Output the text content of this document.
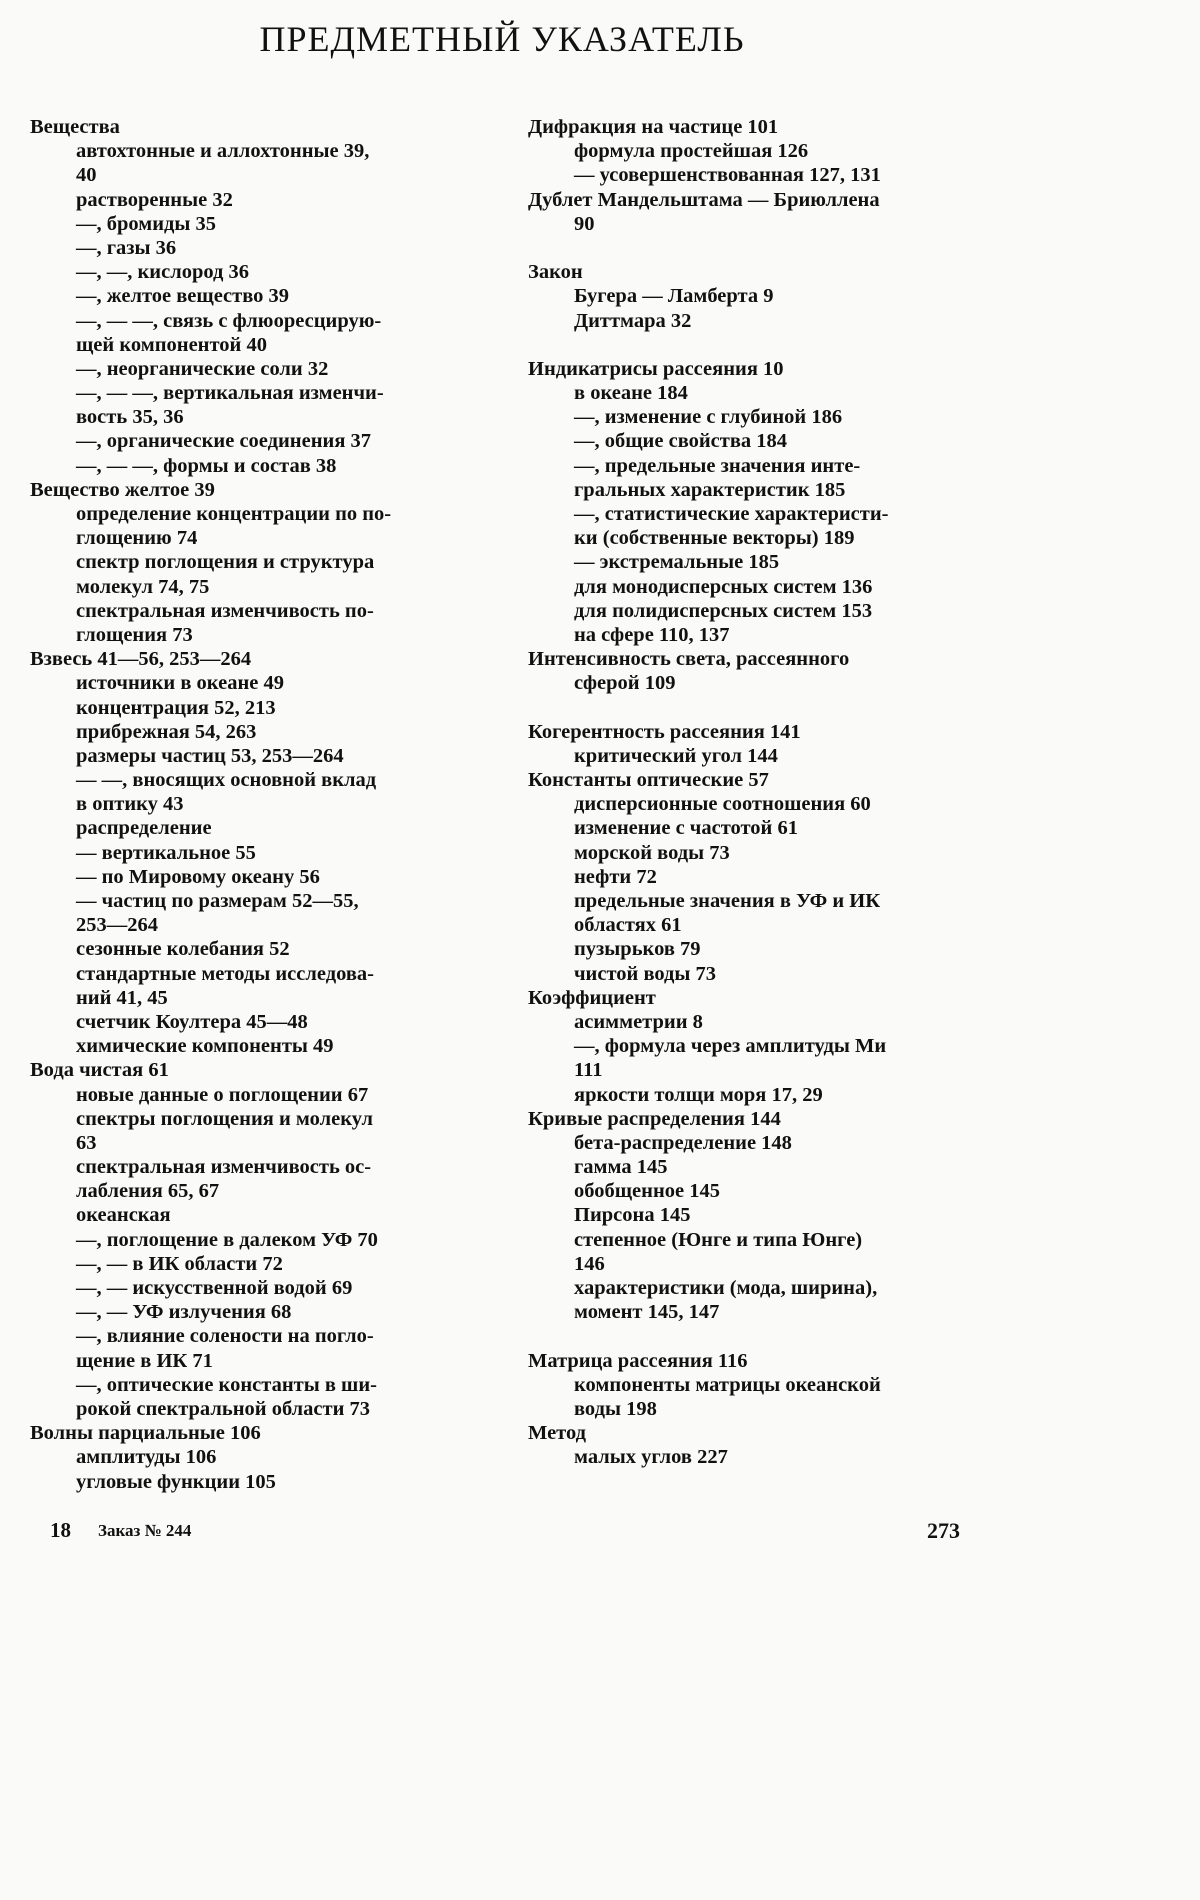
ПРЕДМЕТНЫЙ УКАЗАТЕЛЬ
Вещества
автохтонные и аллохтонные 39,
40
растворенные 32
—, бромиды 35
—, газы 36
—, —, кислород 36
—, желтое вещество 39
—, — —, связь с флюоресцирую-
щей компонентой 40
—, неорганические соли 32
—, — —, вертикальная изменчи-
вость 35, 36
—, органические соединения 37
—, — —, формы и состав 38
Вещество желтое 39
определение концентрации по по-
глощению 74
спектр поглощения и структура
молекул 74, 75
спектральная изменчивость по-
глощения 73
Взвесь 41—56, 253—264
источники в океане 49
концентрация 52, 213
прибрежная 54, 263
размеры частиц 53, 253—264
— —, вносящих основной вклад
в оптику 43
распределение
— вертикальное 55
— по Мировому океану 56
— частиц по размерам 52—55,
253—264
сезонные колебания 52
стандартные методы исследова-
ний 41, 45
счетчик Коултера 45—48
химические компоненты 49
Вода чистая 61
новые данные о поглощении 67
спектры поглощения и молекул
63
спектральная изменчивость ос-
лабления 65, 67
океанская
—, поглощение в далеком УФ 70
—, — в ИК области 72
—, — искусственной водой 69
—, — УФ излучения 68
—, влияние солености на погло-
щение в ИК 71
—, оптические константы в ши-
рокой спектральной области 73
Волны парциальные 106
амплитуды 106
угловые функции 105
Дифракция на частице 101
формула простейшая 126
— усовершенствованная 127, 131
Дублет Мандельштама — Бриюллена
90
Закон
Бугера — Ламберта 9
Диттмара 32
Индикатрисы рассеяния 10
в океане 184
—, изменение с глубиной 186
—, общие свойства 184
—, предельные значения инте-
гральных характеристик 185
—, статистические характеристи-
ки (собственные векторы) 189
— экстремальные 185
для монодисперсных систем 136
для полидисперсных систем 153
на сфере 110, 137
Интенсивность света, рассеянного
сферой 109
Когерентность рассеяния 141
критический угол 144
Константы оптические 57
дисперсионные соотношения 60
изменение с частотой 61
морской воды 73
нефти 72
предельные значения в УФ и ИК
областях 61
пузырьков 79
чистой воды 73
Коэффициент
асимметрии 8
—, формула через амплитуды Ми
111
яркости толщи моря 17, 29
Кривые распределения 144
бета-распределение 148
гамма 145
обобщенное 145
Пирсона 145
степенное (Юнге и типа Юнге)
146
характеристики (мода, ширина),
момент 145, 147
Матрица рассеяния 116
компоненты матрицы океанской
воды 198
Метод
малых углов 227
18 Заказ № 244	273
